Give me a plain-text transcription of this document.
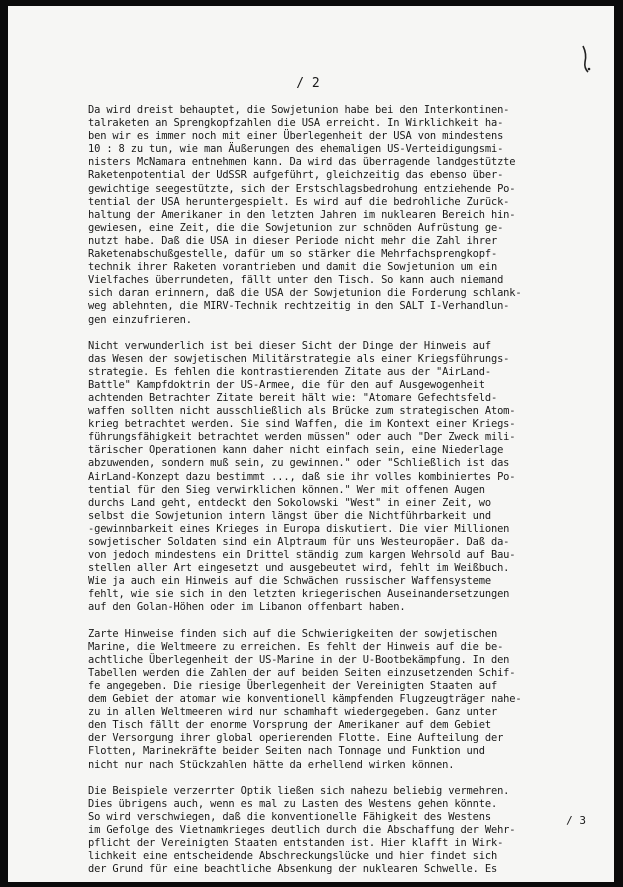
/ 2

Da wird dreist behauptet, die Sowjetunion habe bei den Interkontinen-
talraketen an Sprengkopfzahlen die USA erreicht. In Wirklichkeit ha-
ben wir es immer noch mit einer Überlegenheit der USA von mindestens
10 : 8 zu tun, wie man Äußerungen des ehemaligen US-Verteidigungsmi-
nisters McNamara entnehmen kann. Da wird das überragende landgestützte
Raketenpotential der UdSSR aufgeführt, gleichzeitig das ebenso über-
gewichtige seegestützte, sich der Erstschlagsbedrohung entziehende Po-
tential der USA heruntergespielt. Es wird auf die bedrohliche Zurück-
haltung der Amerikaner in den letzten Jahren im nuklearen Bereich hin-
gewiesen, eine Zeit, die die Sowjetunion zur schnöden Aufrüstung ge-
nutzt habe. Daß die USA in dieser Periode nicht mehr die Zahl ihrer
Raketenabschußgestelle, dafür um so stärker die Mehrfachsprengkopf-
technik ihrer Raketen vorantrieben und damit die Sowjetunion um ein
Vielfaches überrundeten, fällt unter den Tisch. So kann auch niemand
sich daran erinnern, daß die USA der Sowjetunion die Forderung schlank-
weg ablehnten, die MIRV-Technik rechtzeitig in den SALT I-Verhandlun-
gen einzufrieren.

Nicht verwunderlich ist bei dieser Sicht der Dinge der Hinweis auf
das Wesen der sowjetischen Militärstrategie als einer Kriegsführungs-
strategie. Es fehlen die kontrastierenden Zitate aus der "AirLand-
Battle" Kampfdoktrin der US-Armee, die für den auf Ausgewogenheit
achtenden Betrachter Zitate bereit hält wie: "Atomare Gefechtsfeld-
waffen sollten nicht ausschließlich als Brücke zum strategischen Atom-
krieg betrachtet werden. Sie sind Waffen, die im Kontext einer Kriegs-
führungsfähigkeit betrachtet werden müssen" oder auch "Der Zweck mili-
tärischer Operationen kann daher nicht einfach sein, eine Niederlage
abzuwenden, sondern muß sein, zu gewinnen." oder "Schließlich ist das
AirLand-Konzept dazu bestimmt ..., daß sie ihr volles kombiniertes Po-
tential für den Sieg verwirklichen können." Wer mit offenen Augen
durchs Land geht, entdeckt den Sokolowski "West" in einer Zeit, wo
selbst die Sowjetunion intern längst über die Nichtführbarkeit und
-gewinnbarkeit eines Krieges in Europa diskutiert. Die vier Millionen
sowjetischer Soldaten sind ein Alptraum für uns Westeuropäer. Daß da-
von jedoch mindestens ein Drittel ständig zum kargen Wehrsold auf Bau-
stellen aller Art eingesetzt und ausgebeutet wird, fehlt im Weißbuch.
Wie ja auch ein Hinweis auf die Schwächen russischer Waffensysteme
fehlt, wie sie sich in den letzten kriegerischen Auseinandersetzungen
auf den Golan-Höhen oder im Libanon offenbart haben.

Zarte Hinweise finden sich auf die Schwierigkeiten der sowjetischen
Marine, die Weltmeere zu erreichen. Es fehlt der Hinweis auf die be-
achtliche Überlegenheit der US-Marine in der U-Bootbekämpfung. In den
Tabellen werden die Zahlen der auf beiden Seiten einzusetzenden Schif-
fe angegeben. Die riesige Überlegenheit der Vereinigten Staaten auf
dem Gebiet der atomar wie konventionell kämpfenden Flugzeugträger nahe-
zu in allen Weltmeeren wird nur schamhaft wiedergegeben. Ganz unter
den Tisch fällt der enorme Vorsprung der Amerikaner auf dem Gebiet
der Versorgung ihrer global operierenden Flotte. Eine Aufteilung der
Flotten, Marinekräfte beider Seiten nach Tonnage und Funktion und
nicht nur nach Stückzahlen hätte da erhellend wirken können.

Die Beispiele verzerrter Optik ließen sich nahezu beliebig vermehren.
Dies übrigens auch, wenn es mal zu Lasten des Westens gehen könnte.
So wird verschwiegen, daß die konventionelle Fähigkeit des Westens
im Gefolge des Vietnamkrieges deutlich durch die Abschaffung der Wehr-
pflicht der Vereinigten Staaten entstanden ist. Hier klafft in Wirk-
lichkeit eine entscheidende Abschreckungslücke und hier findet sich
der Grund für eine beachtliche Absenkung der nuklearen Schwelle. Es

/ 3
